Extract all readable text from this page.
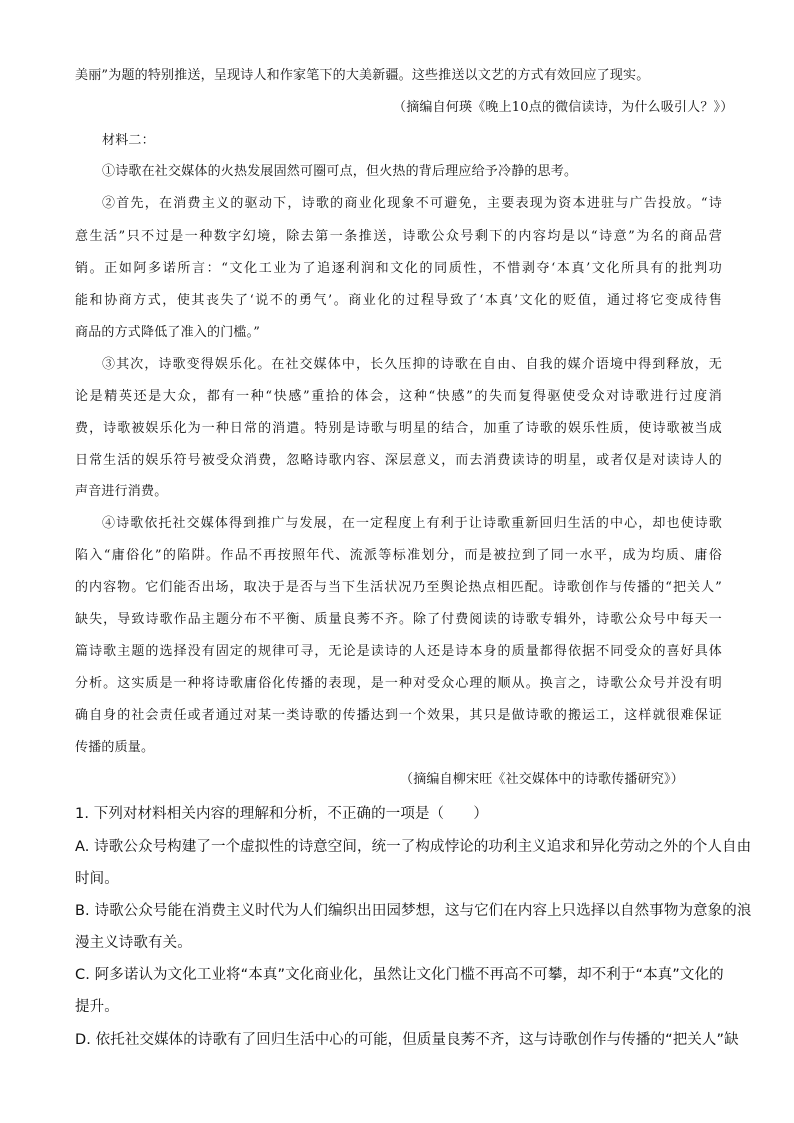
美丽”为题的特别推送，呈现诗人和作家笔下的大美新疆。这些推送以文艺的方式有效回应了现实。
（摘编自何瑛《晚上10点的微信读诗，为什么吸引人？》）
材料二：
①诗歌在社交媒体的火热发展固然可圈可点，但火热的背后理应给予冷静的思考。
②首先，在消费主义的驱动下，诗歌的商业化现象不可避免，主要表现为资本进驻与广告投放。“诗
意生活”只不过是一种数字幻境，除去第一条推送，诗歌公众号剩下的内容均是以“诗意”为名的商品营
销。正如阿多诺所言：“文化工业为了追逐利润和文化的同质性，不惜剥夺‘本真’文化所具有的批判功
能和协商方式，使其丧失了‘说不的勇气’。商业化的过程导致了‘本真’文化的贬值，通过将它变成待售
商品的方式降低了准入的门槛。”
③其次，诗歌变得娱乐化。在社交媒体中，长久压抑的诗歌在自由、自我的媒介语境中得到释放，无
论是精英还是大众，都有一种“快感”重拾的体会，这种“快感”的失而复得驱使受众对诗歌进行过度消
费，诗歌被娱乐化为一种日常的消遣。特别是诗歌与明星的结合，加重了诗歌的娱乐性质，使诗歌被当成
日常生活的娱乐符号被受众消费，忽略诗歌内容、深层意义，而去消费读诗的明星，或者仅是对读诗人的
声音进行消费。
④诗歌依托社交媒体得到推广与发展，在一定程度上有利于让诗歌重新回归生活的中心，却也使诗歌
陷入“庸俗化”的陷阱。作品不再按照年代、流派等标准划分，而是被拉到了同一水平，成为均质、庸俗
的内容物。它们能否出场，取决于是否与当下生活状况乃至舆论热点相匹配。诗歌创作与传播的“把关人”
缺失，导致诗歌作品主题分布不平衡、质量良莠不齐。除了付费阅读的诗歌专辑外，诗歌公众号中每天一
篇诗歌主题的选择没有固定的规律可寻，无论是读诗的人还是诗本身的质量都得依据不同受众的喜好具体
分析。这实质是一种将诗歌庸俗化传播的表现，是一种对受众心理的顺从。换言之，诗歌公众号并没有明
确自身的社会责任或者通过对某一类诗歌的传播达到一个效果，其只是做诗歌的搬运工，这样就很难保证
传播的质量。
（摘编自柳宋旺《社交媒体中的诗歌传播研究》）
1. 下列对材料相关内容的理解和分析，不正确的一项是（　　）
A. 诗歌公众号构建了一个虚拟性的诗意空间，统一了构成悖论的功利主义追求和异化劳动之外的个人自由
时间。
B. 诗歌公众号能在消费主义时代为人们编织出田园梦想，这与它们在内容上只选择以自然事物为意象的浪
漫主义诗歌有关。
C. 阿多诺认为文化工业将“本真”文化商业化，虽然让文化门槛不再高不可攀，却不利于“本真”文化的
提升。
D. 依托社交媒体的诗歌有了回归生活中心的可能，但质量良莠不齐，这与诗歌创作与传播的“把关人”缺
